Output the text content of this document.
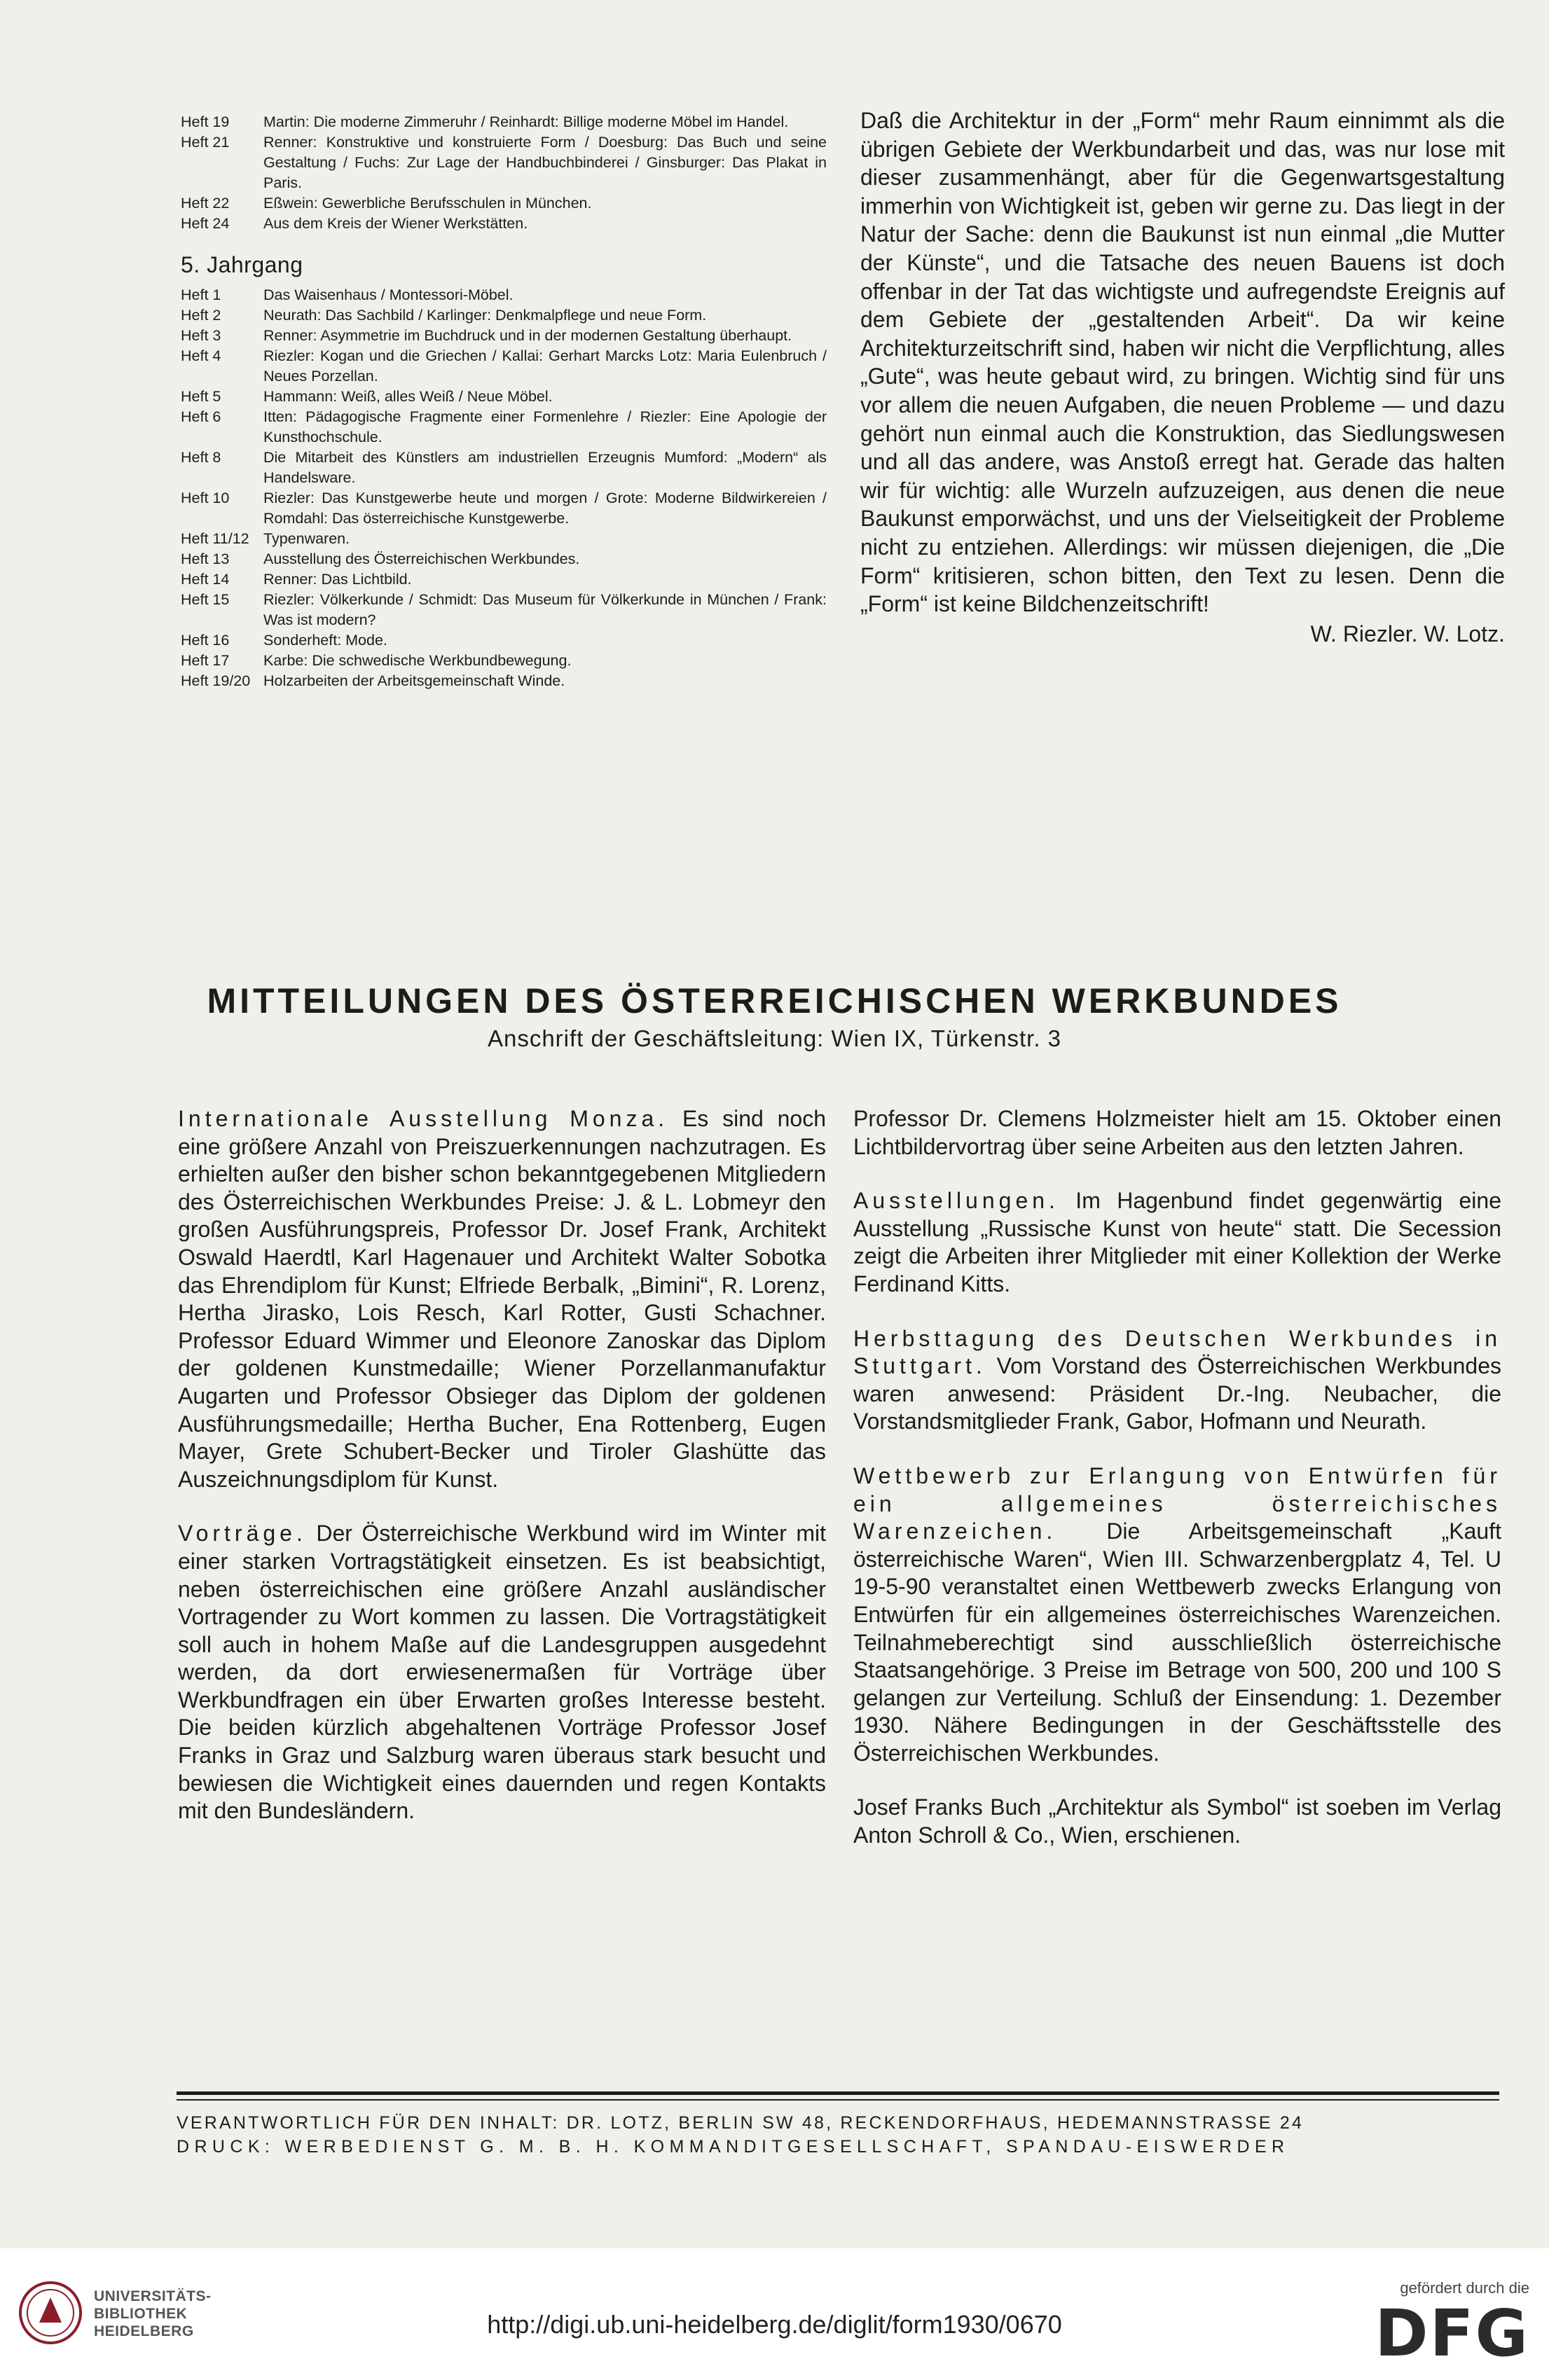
Heft 19	Martin: Die moderne Zimmeruhr / Reinhardt: Billige moderne Möbel im Handel.
Heft 21	Renner: Konstruktive und konstruierte Form / Doesburg: Das Buch und seine Gestaltung / Fuchs: Zur Lage der Handbuchbinderei / Ginsburger: Das Plakat in Paris.
Heft 22	Eßwein: Gewerbliche Berufsschulen in München.
Heft 24	Aus dem Kreis der Wiener Werkstätten.
5. Jahrgang
Heft 1	Das Waisenhaus / Montessori-Möbel.
Heft 2	Neurath: Das Sachbild / Karlinger: Denkmalpflege und neue Form.
Heft 3	Renner: Asymmetrie im Buchdruck und in der modernen Gestaltung überhaupt.
Heft 4	Riezler: Kogan und die Griechen / Kallai: Gerhart Marcks Lotz: Maria Eulenbruch / Neues Porzellan.
Heft 5	Hammann: Weiß, alles Weiß / Neue Möbel.
Heft 6	Itten: Pädagogische Fragmente einer Formenlehre / Riezler: Eine Apologie der Kunsthochschule.
Heft 8	Die Mitarbeit des Künstlers am industriellen Erzeugnis Mumford: „Modern“ als Handelsware.
Heft 10	Riezler: Das Kunstgewerbe heute und morgen / Grote: Moderne Bildwirkereien / Romdahl: Das österreichische Kunstgewerbe.
Heft 11/12 Typenwaren.
Heft 13	Ausstellung des Österreichischen Werkbundes.
Heft 14	Renner: Das Lichtbild.
Heft 15	Riezler: Völkerkunde / Schmidt: Das Museum für Völkerkunde in München / Frank: Was ist modern?
Heft 16	Sonderheft: Mode.
Heft 17	Karbe: Die schwedische Werkbundbewegung.
Heft 19/20 Holzarbeiten der Arbeitsgemeinschaft Winde.
Daß die Architektur in der „Form“ mehr Raum einnimmt als die übrigen Gebiete der Werkbundarbeit und das, was nur lose mit dieser zusammenhängt, aber für die Gegenwartsgestaltung immerhin von Wichtigkeit ist, geben wir gerne zu. Das liegt in der Natur der Sache: denn die Baukunst ist nun einmal „die Mutter der Künste“, und die Tatsache des neuen Bauens ist doch offenbar in der Tat das wichtigste und aufregendste Ereignis auf dem Gebiete der „gestaltenden Arbeit“. Da wir keine Architekturzeitschrift sind, haben wir nicht die Verpflichtung, alles „Gute“, was heute gebaut wird, zu bringen. Wichtig sind für uns vor allem die neuen Aufgaben, die neuen Probleme — und dazu gehört nun einmal auch die Konstruktion, das Siedlungswesen und all das andere, was Anstoß erregt hat. Gerade das halten wir für wichtig: alle Wurzeln aufzuzeigen, aus denen die neue Baukunst emporwächst, und uns der Vielseitigkeit der Probleme nicht zu entziehen. Allerdings: wir müssen diejenigen, die „Die Form“ kritisieren, schon bitten, den Text zu lesen. Denn die „Form“ ist keine Bildchenzeitschrift!
W. Riezler. W. Lotz.
MITTEILUNGEN DES ÖSTERREICHISCHEN WERKBUNDES
Anschrift der Geschäftsleitung: Wien IX, Türkenstr. 3

Internationale Ausstellung Monza. Es sind noch eine größere Anzahl von Preiszuerkennungen nachzutragen. Es erhielten außer den bisher schon bekanntgegebenen Mitgliedern des Österreichischen Werkbundes Preise: J. & L. Lobmeyr den großen Ausführungspreis, Professor Dr. Josef Frank, Architekt Oswald Haerdtl, Karl Hagenauer und Architekt Walter Sobotka das Ehrendiplom für Kunst; Elfriede Berbalk, „Bimini“, R. Lorenz, Hertha Jirasko, Lois Resch, Karl Rotter, Gusti Schachner. Professor Eduard Wimmer und Eleonore Zanoskar das Diplom der goldenen Kunstmedaille; Wiener Porzellanmanufaktur Augarten und Professor Obsieger das Diplom der goldenen Ausführungsmedaille; Hertha Bucher, Ena Rottenberg, Eugen Mayer, Grete Schubert-Becker und Tiroler Glashütte das Auszeichnungsdiplom für Kunst.

Vorträge. Der Österreichische Werkbund wird im Winter mit einer starken Vortragstätigkeit einsetzen. Es ist beabsichtigt, neben österreichischen eine größere Anzahl ausländischer Vortragender zu Wort kommen zu lassen. Die Vortragstätigkeit soll auch in hohem Maße auf die Landesgruppen ausgedehnt werden, da dort erwiesenermaßen für Vorträge über Werkbundfragen ein über Erwarten großes Interesse besteht. Die beiden kürzlich abgehaltenen Vorträge Professor Josef Franks in Graz und Salzburg waren überaus stark besucht und bewiesen die Wichtigkeit eines dauernden und regen Kontakts mit den Bundesländern.

Professor Dr. Clemens Holzmeister hielt am 15. Oktober einen Lichtbildervortrag über seine Arbeiten aus den letzten Jahren.

Ausstellungen. Im Hagenbund findet gegenwärtig eine Ausstellung „Russische Kunst von heute“ statt. Die Secession zeigt die Arbeiten ihrer Mitglieder mit einer Kollektion der Werke Ferdinand Kitts.

Herbsttagung des Deutschen Werkbundes in Stuttgart. Vom Vorstand des Österreichischen Werkbundes waren anwesend: Präsident Dr.-Ing. Neubacher, die Vorstandsmitglieder Frank, Gabor, Hofmann und Neurath.

Wettbewerb zur Erlangung von Entwürfen für ein allgemeines österreichisches Warenzeichen. Die Arbeitsgemeinschaft „Kauft österreichische Waren“, Wien III. Schwarzenbergplatz 4, Tel. U 19-5-90 veranstaltet einen Wettbewerb zwecks Erlangung von Entwürfen für ein allgemeines österreichisches Warenzeichen. Teilnahmeberechtigt sind ausschließlich österreichische Staatsangehörige. 3 Preise im Betrage von 500, 200 und 100 S gelangen zur Verteilung. Schluß der Einsendung: 1. Dezember 1930. Nähere Bedingungen in der Geschäftsstelle des Österreichischen Werkbundes.

Josef Franks Buch „Architektur als Symbol“ ist soeben im Verlag Anton Schroll & Co., Wien, erschienen.

VERANTWORTLICH FÜR DEN INHALT: DR. LOTZ, BERLIN SW 48, RECKENDORFHAUS, HEDEMANNSTRASSE 24
DRUCK: WERBEDIENST G. M. B. H. KOMMANDITGESELLSCHAFT, SPANDAU-EISWERDER
UNIVERSITÄTS-
BIBLIOTHEK
HEIDELBERG	http://digi.ub.uni-heidelberg.de/diglit/form1930/0670
gefördert durch die
DFG
